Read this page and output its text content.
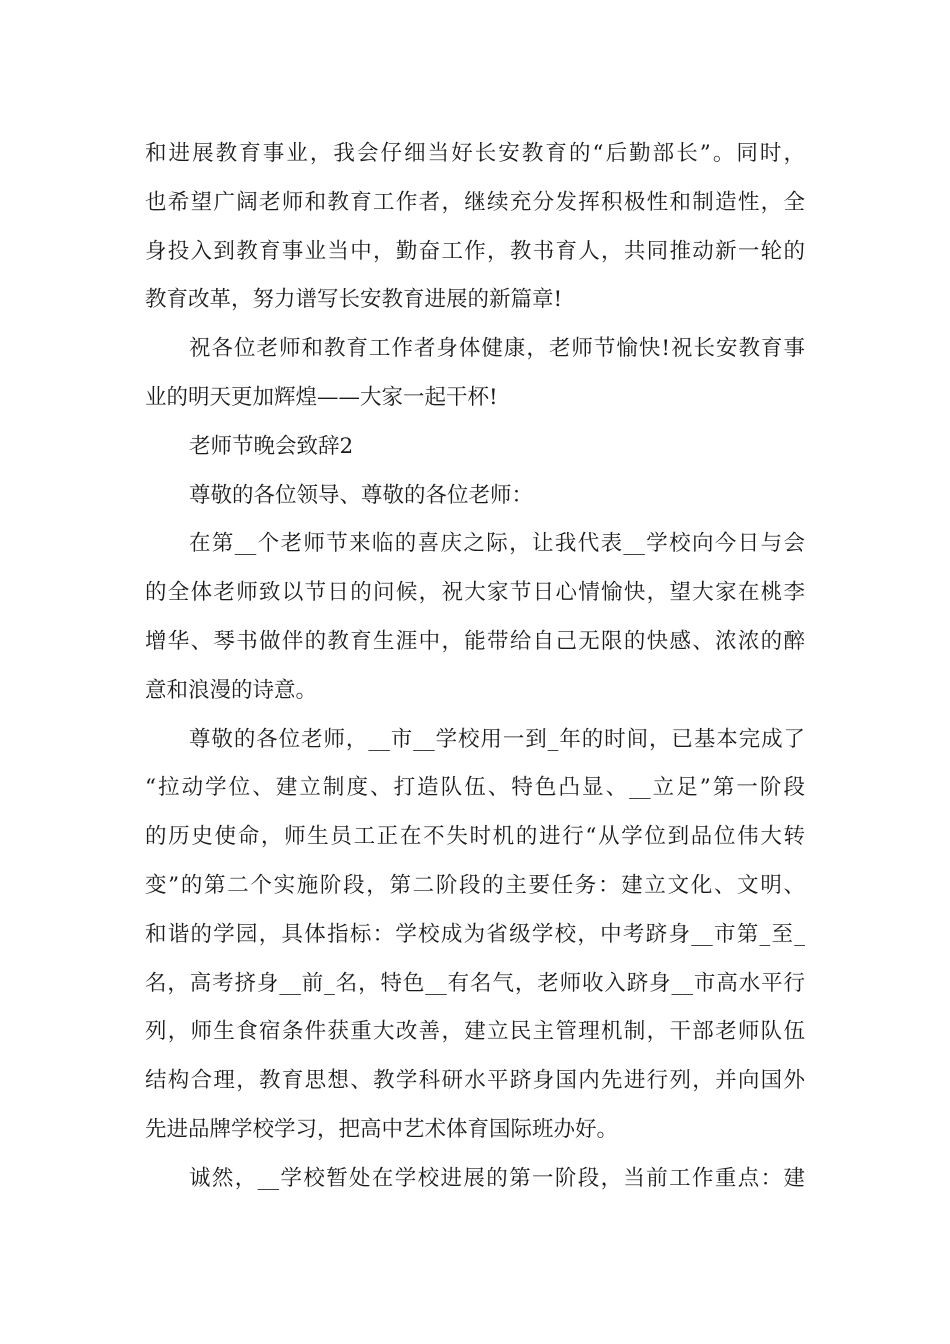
和进展教育事业，我会仔细当好长安教育的“后勤部长”。同时，
也希望广阔老师和教育工作者，继续充分发挥积极性和制造性，全
身投入到教育事业当中，勤奋工作，教书育人，共同推动新一轮的
教育改革，努力谱写长安教育进展的新篇章!
祝各位老师和教育工作者身体健康，老师节愉快!祝长安教育事
业的明天更加辉煌——大家一起干杯!
老师节晚会致辞2
尊敬的各位领导、尊敬的各位老师：
在第__个老师节来临的喜庆之际，让我代表__学校向今日与会
的全体老师致以节日的问候，祝大家节日心情愉快，望大家在桃李
增华、琴书做伴的教育生涯中，能带给自己无限的快感、浓浓的醉
意和浪漫的诗意。
尊敬的各位老师，__市__学校用一到_年的时间，已基本完成了
“拉动学位、建立制度、打造队伍、特色凸显、__立足”第一阶段
的历史使命，师生员工正在不失时机的进行“从学位到品位伟大转
变”的第二个实施阶段，第二阶段的主要任务：建立文化、文明、
和谐的学园，具体指标：学校成为省级学校，中考跻身__市第_至_
名，高考挤身__前_名，特色__有名气，老师收入跻身__市高水平行
列，师生食宿条件获重大改善，建立民主管理机制，干部老师队伍
结构合理，教育思想、教学科研水平跻身国内先进行列，并向国外
先进品牌学校学习，把高中艺术体育国际班办好。
诚然，__学校暂处在学校进展的第一阶段，当前工作重点：建
